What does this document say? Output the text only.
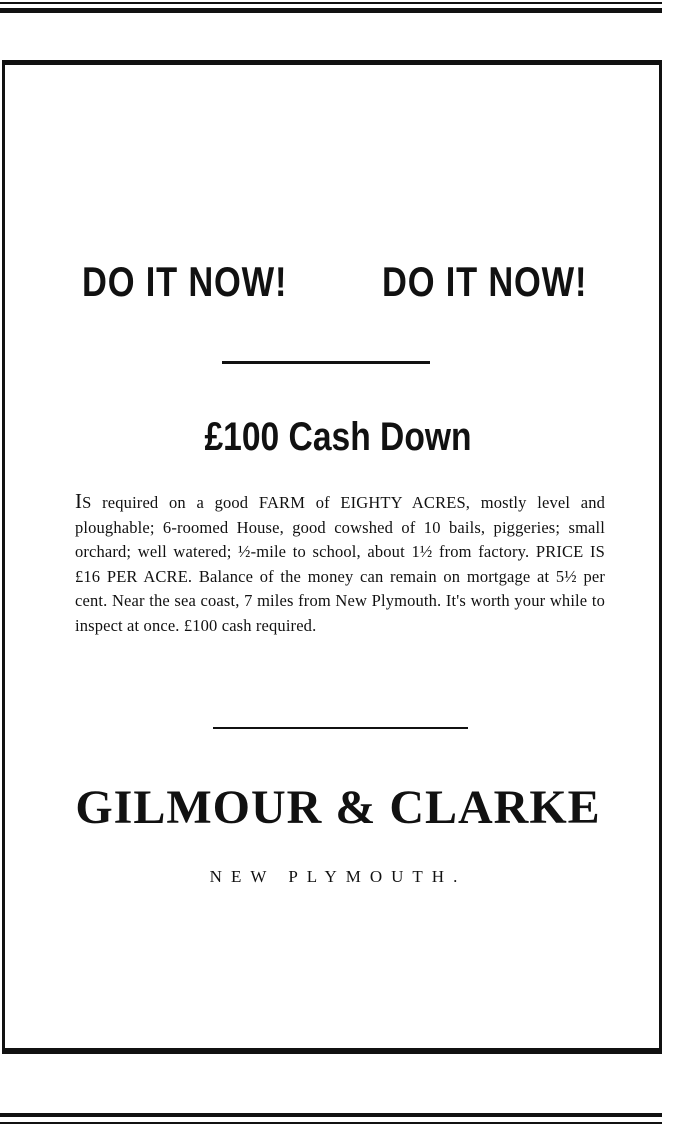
DO IT NOW! DO IT NOW!
£100 Cash Down
IS required on a good FARM of EIGHTY ACRES, mostly level and ploughable; 6-roomed House, good cowshed of 10 bails, piggeries; small orchard; well watered; ½-mile to school, about 1½ from factory. PRICE IS £16 PER ACRE. Balance of the money can remain on mortgage at 5½ per cent. Near the sea coast, 7 miles from New Plymouth. It's worth your while to inspect at once. £100 cash required.
GILMOUR & CLARKE
NEW PLYMOUTH.
